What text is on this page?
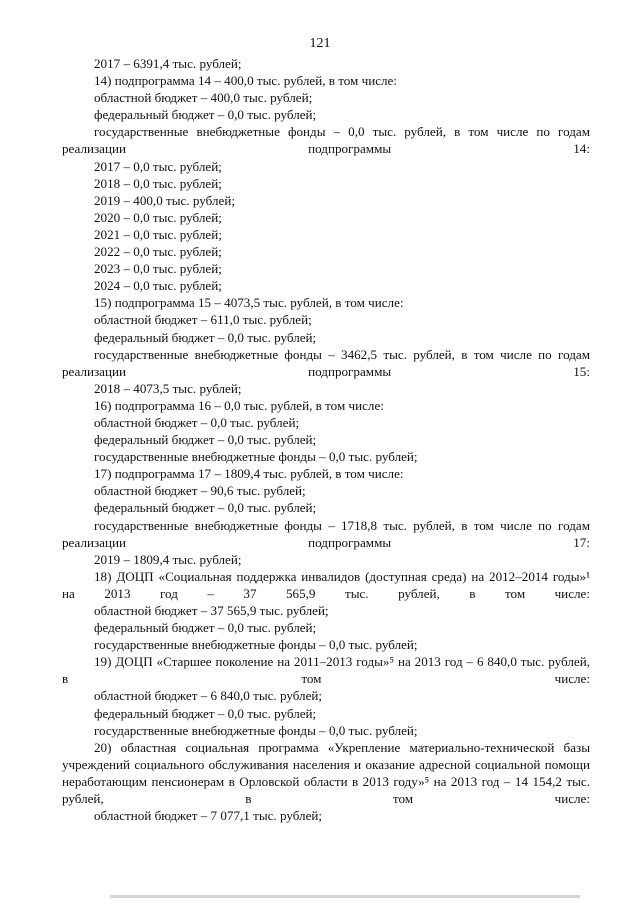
121

2017 – 6391,4 тыс. рублей;

14) подпрограмма 14 – 400,0 тыс. рублей, в том числе:

областной бюджет – 400,0 тыс. рублей;

федеральный бюджет – 0,0 тыс. рублей;

государственные внебюджетные фонды – 0,0 тыс. рублей, в том числе по годам реализации подпрограммы 14:

2017 – 0,0 тыс. рублей;

2018 – 0,0 тыс. рублей;

2019 – 400,0 тыс. рублей;

2020 – 0,0 тыс. рублей;

2021 – 0,0 тыс. рублей;

2022 – 0,0 тыс. рублей;

2023 – 0,0 тыс. рублей;

2024 – 0,0 тыс. рублей;

15) подпрограмма 15 – 4073,5 тыс. рублей, в том числе:

областной бюджет – 611,0 тыс. рублей;

федеральный бюджет – 0,0 тыс. рублей;

государственные внебюджетные фонды – 3462,5 тыс. рублей, в том числе по годам реализации подпрограммы 15:

2018 – 4073,5 тыс. рублей;

16) подпрограмма 16 – 0,0 тыс. рублей, в том числе:

областной бюджет – 0,0 тыс. рублей;

федеральный бюджет – 0,0 тыс. рублей;

государственные внебюджетные фонды – 0,0 тыс. рублей;

17) подпрограмма 17 – 1809,4 тыс. рублей, в том числе:

областной бюджет – 90,6 тыс. рублей;

федеральный бюджет – 0,0 тыс. рублей;

государственные внебюджетные фонды – 1718,8 тыс. рублей, в том числе по годам реализации подпрограммы 17:

2019 – 1809,4 тыс. рублей;

18) ДОЦП «Социальная поддержка инвалидов (доступная среда) на 2012–2014 годы»¹ на 2013 год – 37 565,9 тыс. рублей, в том числе:

областной бюджет – 37 565,9 тыс. рублей;

федеральный бюджет – 0,0 тыс. рублей;

государственные внебюджетные фонды – 0,0 тыс. рублей;

19) ДОЦП «Старшее поколение на 2011–2013 годы»⁵ на 2013 год – 6 840,0 тыс. рублей, в том числе:

областной бюджет – 6 840,0 тыс. рублей;

федеральный бюджет – 0,0 тыс. рублей;

государственные внебюджетные фонды – 0,0 тыс. рублей;

20) областная социальная программа «Укрепление материально-технической базы учреждений социального обслуживания населения и оказание адресной социальной помощи неработающим пенсионерам в Орловской области в 2013 году»⁵ на 2013 год – 14 154,2 тыс. рублей, в том числе:

областной бюджет – 7 077,1 тыс. рублей;
